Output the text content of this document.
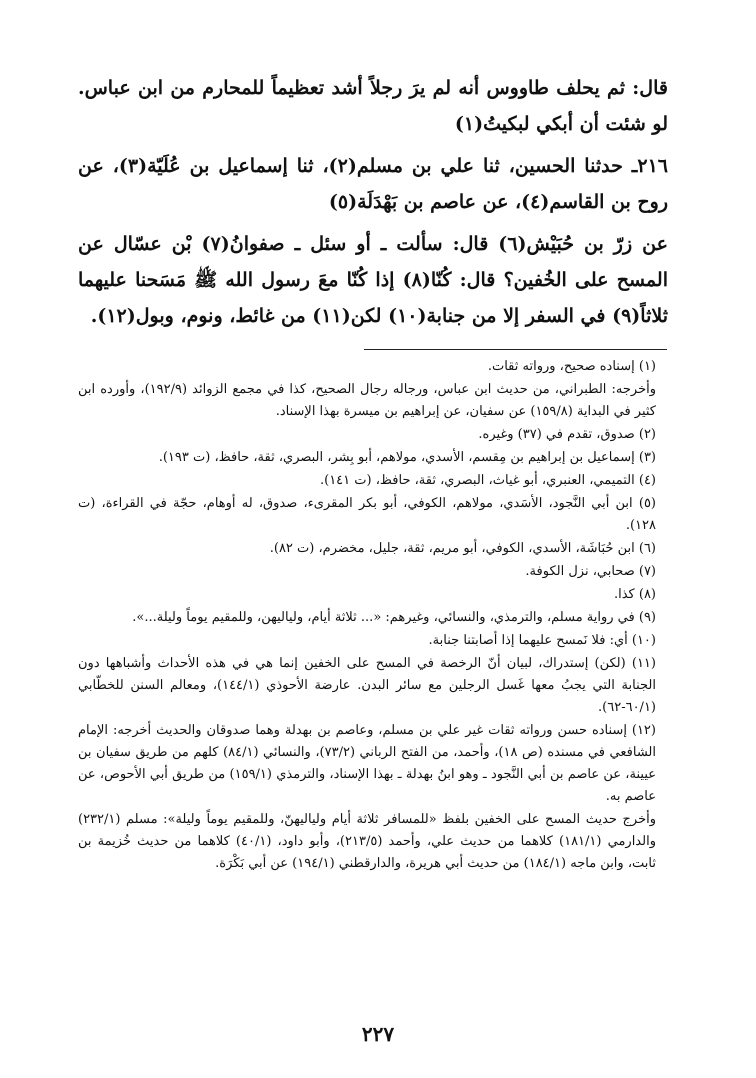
قال: ثم يحلف طاووس أنه لم يرَ رجلاً أشد تعظيماً للمحارم من ابن عباس. لو شئت أن أبكي لبكيتُ(١)

٢١٦ـ حدثنا الحسين، ثنا علي بن مسلم(٢)، ثنا إسماعيل بن عُلَيّة(٣)، عن روح بن القاسم(٤)، عن عاصم بن بَهْدَلَة(٥)

عن زرّ بن حُبَيْش(٦) قال: سألت ـ أو سئل ـ صفوانُ(٧) بْن عسّال عن المسح على الخُفين؟ قال: كُنّا(٨) إذا كُنّا معَ رسول الله ﷺ مَسَحنا عليهما ثلاثاً(٩) في السفر إلا من جنابة(١٠) لكن(١١) من غائط، ونوم، وبول(١٢).

(١) إسناده صحيح، ورواته ثقات.

وأخرجه: الطبراني، من حديث ابن عباس، ورجاله رجال الصحيح، كذا في مجمع الزوائد (١٩٢/٩)، وأورده ابن كثير في البداية (١٥٩/٨) عن سفيان، عن إبراهيم بن ميسرة بهذا الإسناد.

(٢) صدوق، تقدم في (٣٧) وغيره.

(٣) إسماعيل بن إبراهيم بن مِقسم، الأسدي، مولاهم، أبو بِشر، البصري، ثقة، حافظ، (ت ١٩٣).

(٤) التميمي، العنبري، أبو غياث، البصري، ثقة، حافظ، (ت ١٤١).

(٥) ابن أبي النَّجود، الأسَدي، مولاهم، الكوفي، أبو بكر المقرىء، صدوق، له أوهام، حجّة في القراءة، (ت ١٢٨).

(٦) ابن حُبَاشَة، الأسدي، الكوفي، أبو مريم، ثقة، جليل، مخضرم، (ت ٨٢).

(٧) صحابي، نزل الكوفة.

(٨) كذا.

(٩) في رواية مسلم، والترمذي، والنسائي، وغيرهم: «... ثلاثة أيام، ولياليهن، وللمقيم يوماً وليلة...».

(١٠) أي: فلا نَمسح عليهما إذا أصابتنا جنابة.

(١١) (لكن) إستدراك، لبيان أنّ الرخصة في المسح على الخفين إنما هي في هذه الأحداث وأشباهها دون الجنابة التي يجبُ معها غَسل الرجلين مع سائر البدن. عارضة الأحوذي (١٤٤/١)، ومعالم السنن للخطّابي (٦٠/١-٦٢).

(١٢) إسناده حسن ورواته ثقات غير علي بن مسلم، وعاصم بن بهدلة وهما صدوقان والحديث أخرجه: الإمام الشافعي في مسنده (ص ١٨)، وأحمد، من الفتح الرباني (٧٣/٢)، والنسائي (٨٤/١) كلهم من طريق سفيان بن عيينة، عن عاصم بن أبي النَّجود ـ وهو ابنُ بهدلة ـ بهذا الإسناد، والترمذي (١٥٩/١) من طريق أبي الأحوص، عن عاصم به.

وأخرج حديث المسح على الخفين بلفظ «للمسافر ثلاثة أيام ولياليهنّ، وللمقيم يوماً وليلة»: مسلم (٢٣٢/١) والدارمي (١٨١/١) كلاهما من حديث علي، وأحمد (٢١٣/٥)، وأبو داود، (٤٠/١) كلاهما من حديث خُزيمة بن ثابت، وابن ماجه (١٨٤/١) من حديث أبي هريرة، والدارقطني (١٩٤/١) عن أبي بَكْرَة.

٢٢٧
